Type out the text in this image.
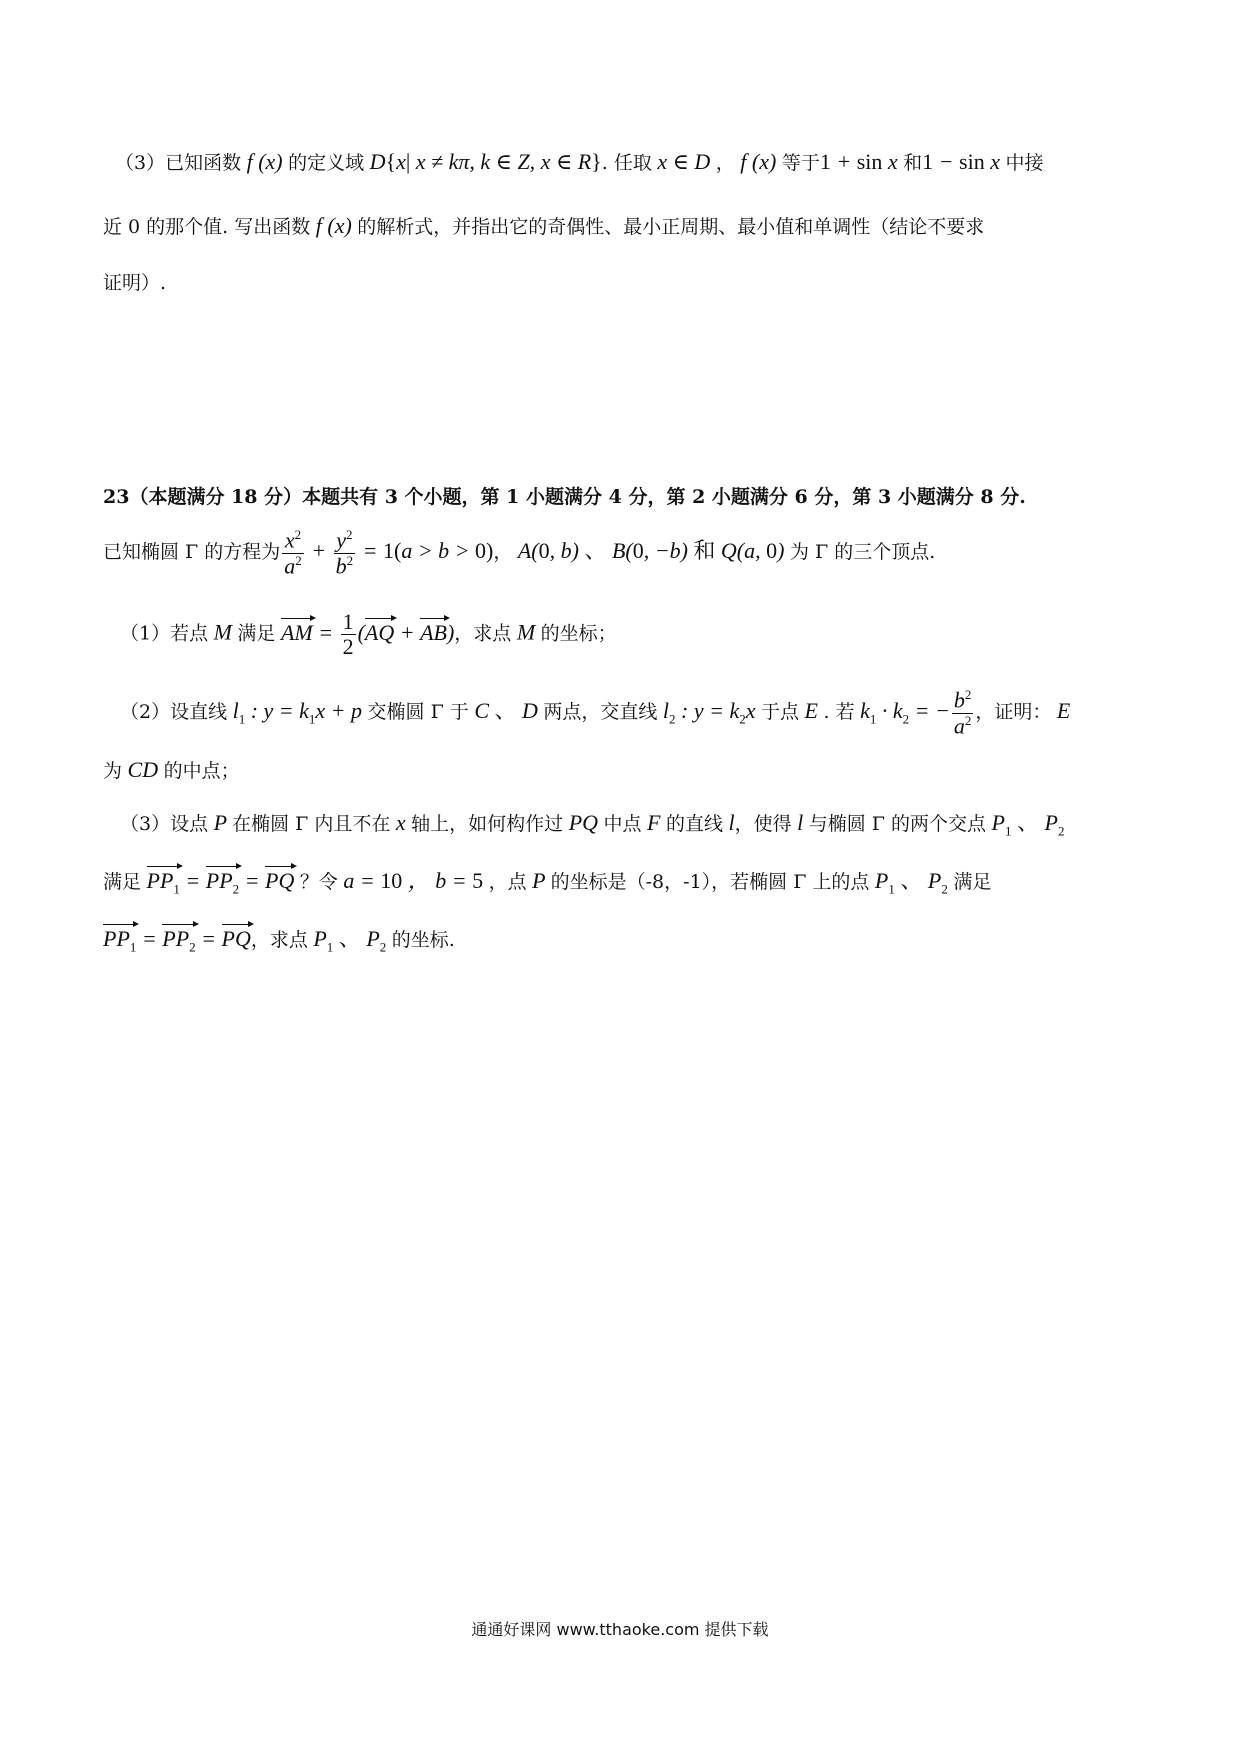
（3）已知函数 f (x) 的定义域 D{x| x ≠ kπ, k ∈ Z, x ∈ R}. 任取 x ∈ D ， f (x) 等于1 + sin x 和1 − sin x 中接
近 0 的那个值. 写出函数 f (x) 的解析式，并指出它的奇偶性、最小正周期、最小值和单调性（结论不要求
证明）.
23（本题满分 18 分）本题共有 3 个小题，第 1 小题满分 4 分，第 2 小题满分 6 分，第 3 小题满分 8 分.
已知椭圆 Γ 的方程为 $\frac{x^2}{a^2} + \frac{y^2}{b^2} = 1(a > b > 0)$， A(0, b) 、 B(0, −b) 和 Q(a, 0) 为 Γ 的三个顶点.
（1）若点 M 满足 AM = $\frac{1}{2} (AQ + AB)$，求点 M 的坐标；
（2）设直线 $l_1$ : $y = k_1x + p$ 交椭圆 Γ 于 C 、 D 两点，交直线 $l_2$ : $y = k_2x$ 于点 E . 若 $k_1 \cdot k_2$ = − $\frac{b^2}{a^2}$ ，证明： E
为 CD 的中点；
（3）设点 P 在椭圆 Γ 内且不在 x 轴上，如何构作过 PQ 中点 F 的直线 l，使得 l 与椭圆 Γ 的两个交点 $P_1$ 、 $P_2$
满足 $PP_1 = PP_2$ = PQ ？令 a = 10 ， b = 5 ，点 P 的坐标是（-8，-1），若椭圆 Γ 上的点 $P_1$ 、 $P_2$ 满足
$PP_1 = PP_2$ = PQ，求点 $P_1$ 、 $P_2$ 的坐标.
通通好课网 www.tthaoke.com 提供下载
